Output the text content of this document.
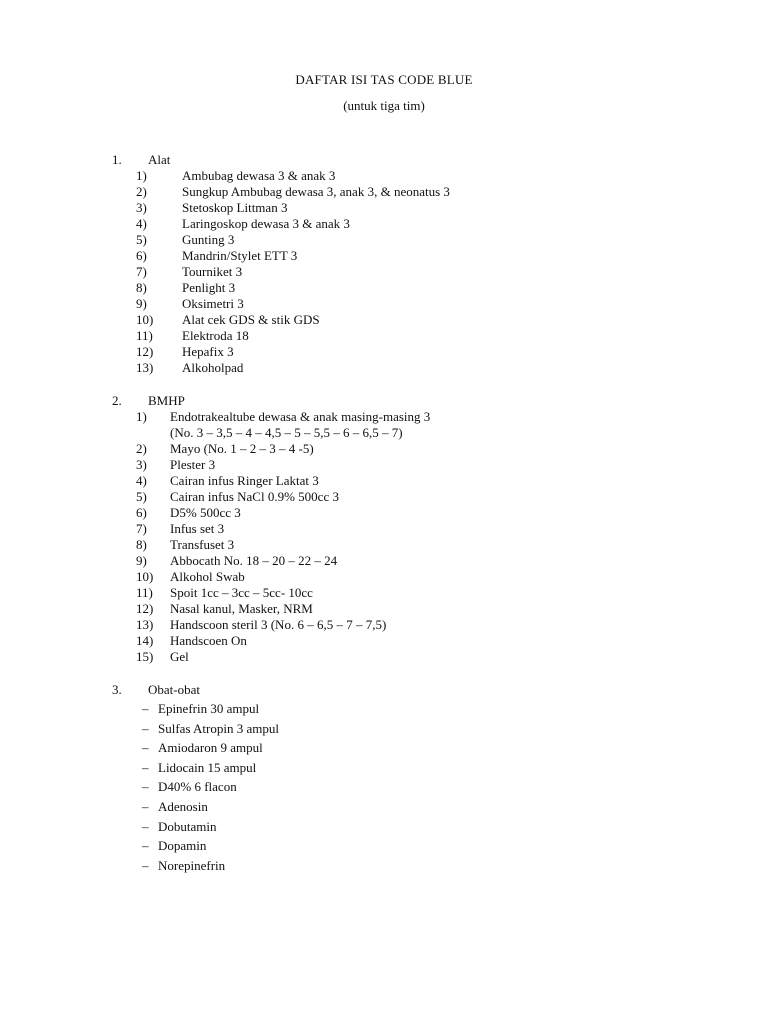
DAFTAR ISI TAS CODE BLUE
(untuk tiga tim)
1.	Alat
1)	Ambubag dewasa 3 & anak 3
2)	Sungkup Ambubag dewasa 3, anak 3, & neonatus 3
3)	Stetoskop Littman 3
4)	Laringoskop dewasa 3 & anak 3
5)	Gunting 3
6)	Mandrin/Stylet ETT 3
7)	Tourniket 3
8)	Penlight 3
9)	Oksimetri 3
10)	Alat cek GDS & stik GDS
11)	Elektroda 18
12)	Hepafix 3
13)	Alkoholpad
2.	BMHP
1)	Endotrakealtube dewasa & anak masing-masing 3
(No. 3 – 3,5 – 4 – 4,5 – 5 – 5,5 – 6 – 6,5 – 7)
2)	Mayo (No. 1 – 2 – 3 – 4 -5)
3)	Plester 3
4)	Cairan infus Ringer Laktat 3
5)	Cairan infus NaCl 0.9% 500cc 3
6)	D5% 500cc 3
7)	Infus set 3
8)	Transfuset 3
9)	Abbocath No. 18 – 20 – 22 – 24
10)	Alkohol Swab
11)	Spoit 1cc – 3cc – 5cc- 10cc
12)	Nasal kanul, Masker, NRM
13)	Handscoon steril 3 (No. 6 – 6,5 – 7 – 7,5)
14)	Handscoen On
15)	Gel
3.	Obat-obat
– Epinefrin 30 ampul
– Sulfas Atropin 3 ampul
– Amiodaron 9 ampul
– Lidocain 15 ampul
– D40% 6 flacon
– Adenosin
– Dobutamin
– Dopamin
– Norepinefrin
